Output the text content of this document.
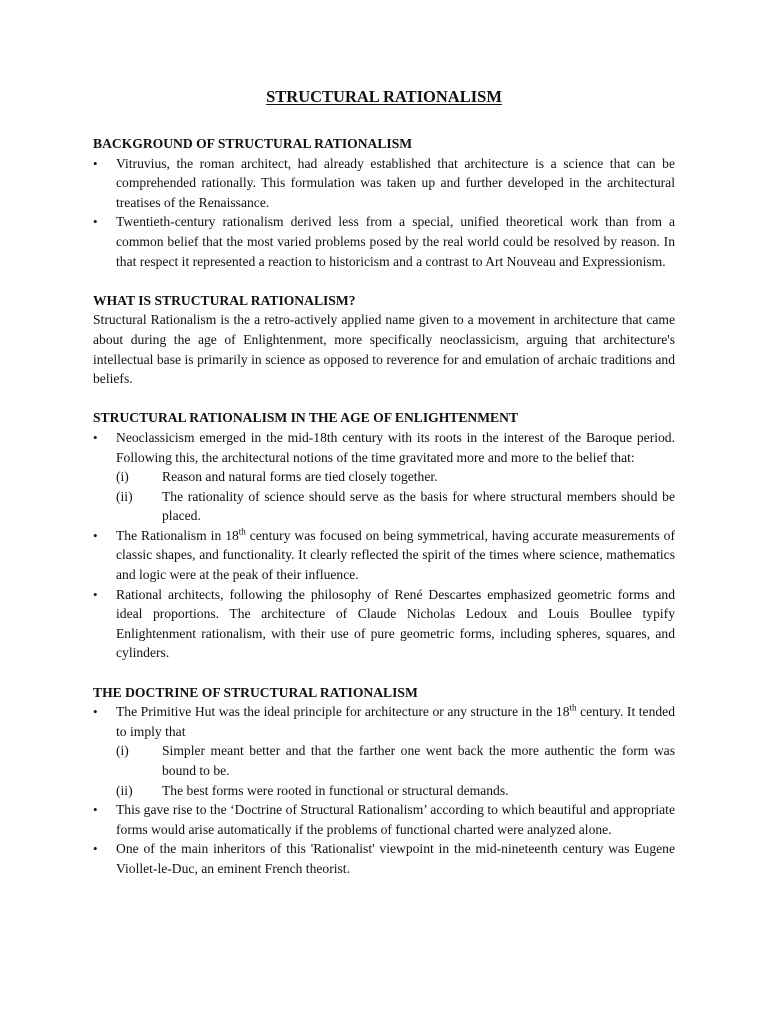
STRUCTURAL RATIONALISM
BACKGROUND OF STRUCTURAL RATIONALISM
• Vitruvius, the roman architect, had already established that architecture is a science that can be comprehended rationally. This formulation was taken up and further developed in the architectural treatises of the Renaissance.
• Twentieth-century rationalism derived less from a special, unified theoretical work than from a common belief that the most varied problems posed by the real world could be resolved by reason. In that respect it represented a reaction to historicism and a contrast to Art Nouveau and Expressionism.
WHAT IS STRUCTURAL RATIONALISM?

Structural Rationalism is the a retro-actively applied name given to a movement in architecture that came about during the age of Enlightenment, more specifically neoclassicism, arguing that architecture's intellectual base is primarily in science as opposed to reverence for and emulation of archaic traditions and beliefs.

STRUCTURAL RATIONALISM IN THE AGE OF ENLIGHTENMENT
• Neoclassicism emerged in the mid-18th century with its roots in the interest of the Baroque period. Following this, the architectural notions of the time gravitated more and more to the belief that:
(i) Reason and natural forms are tied closely together.
(ii) The rationality of science should serve as the basis for where structural members should be placed.
• The Rationalism in 18th century was focused on being symmetrical, having accurate measurements of classic shapes, and functionality. It clearly reflected the spirit of the times where science, mathematics and logic were at the peak of their influence.
• Rational architects, following the philosophy of René Descartes emphasized geometric forms and ideal proportions. The architecture of Claude Nicholas Ledoux and Louis Boullee typify Enlightenment rationalism, with their use of pure geometric forms, including spheres, squares, and cylinders.
THE DOCTRINE OF STRUCTURAL RATIONALISM
• The Primitive Hut was the ideal principle for architecture or any structure in the 18th century. It tended to imply that
(i) Simpler meant better and that the farther one went back the more authentic the form was bound to be.
(ii) The best forms were rooted in functional or structural demands.
• This gave rise to the ‘Doctrine of Structural Rationalism’ according to which beautiful and appropriate forms would arise automatically if the problems of functional charted were analyzed alone.
• One of the main inheritors of this 'Rationalist' viewpoint in the mid-nineteenth century was Eugene Viollet-le-Duc, an eminent French theorist.
